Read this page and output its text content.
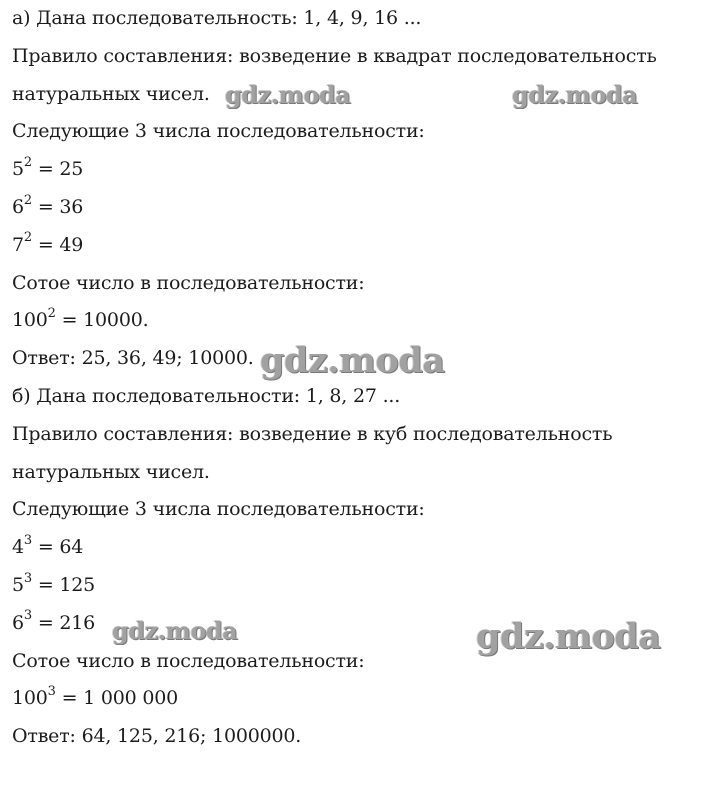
а) Дана последовательность: 1, 4, 9, 16 ...
Правило составления: возведение в квадрат последовательность
натуральных чисел.
Следующие 3 числа последовательности:
$5^2 = 25$
$6^2 = 36$
$7^2 = 49$
Сотое число в последовательности:
$100^2 = 10000$.
Ответ: 25, 36, 49; 10000.
б) Дана последовательности: 1, 8, 27 ...
Правило составления: возведение в куб последовательность
натуральных чисел.
Следующие 3 числа последовательности:
$4^3 = 64$
$5^3 = 125$
$6^3 = 216$
Сотое число в последовательности:
$100^3 = 1$ 000 000
Ответ: 64, 125, 216; 1000000.
gdz.moda	gdz.moda
gdz.moda
gdz.moda	gdz.moda
